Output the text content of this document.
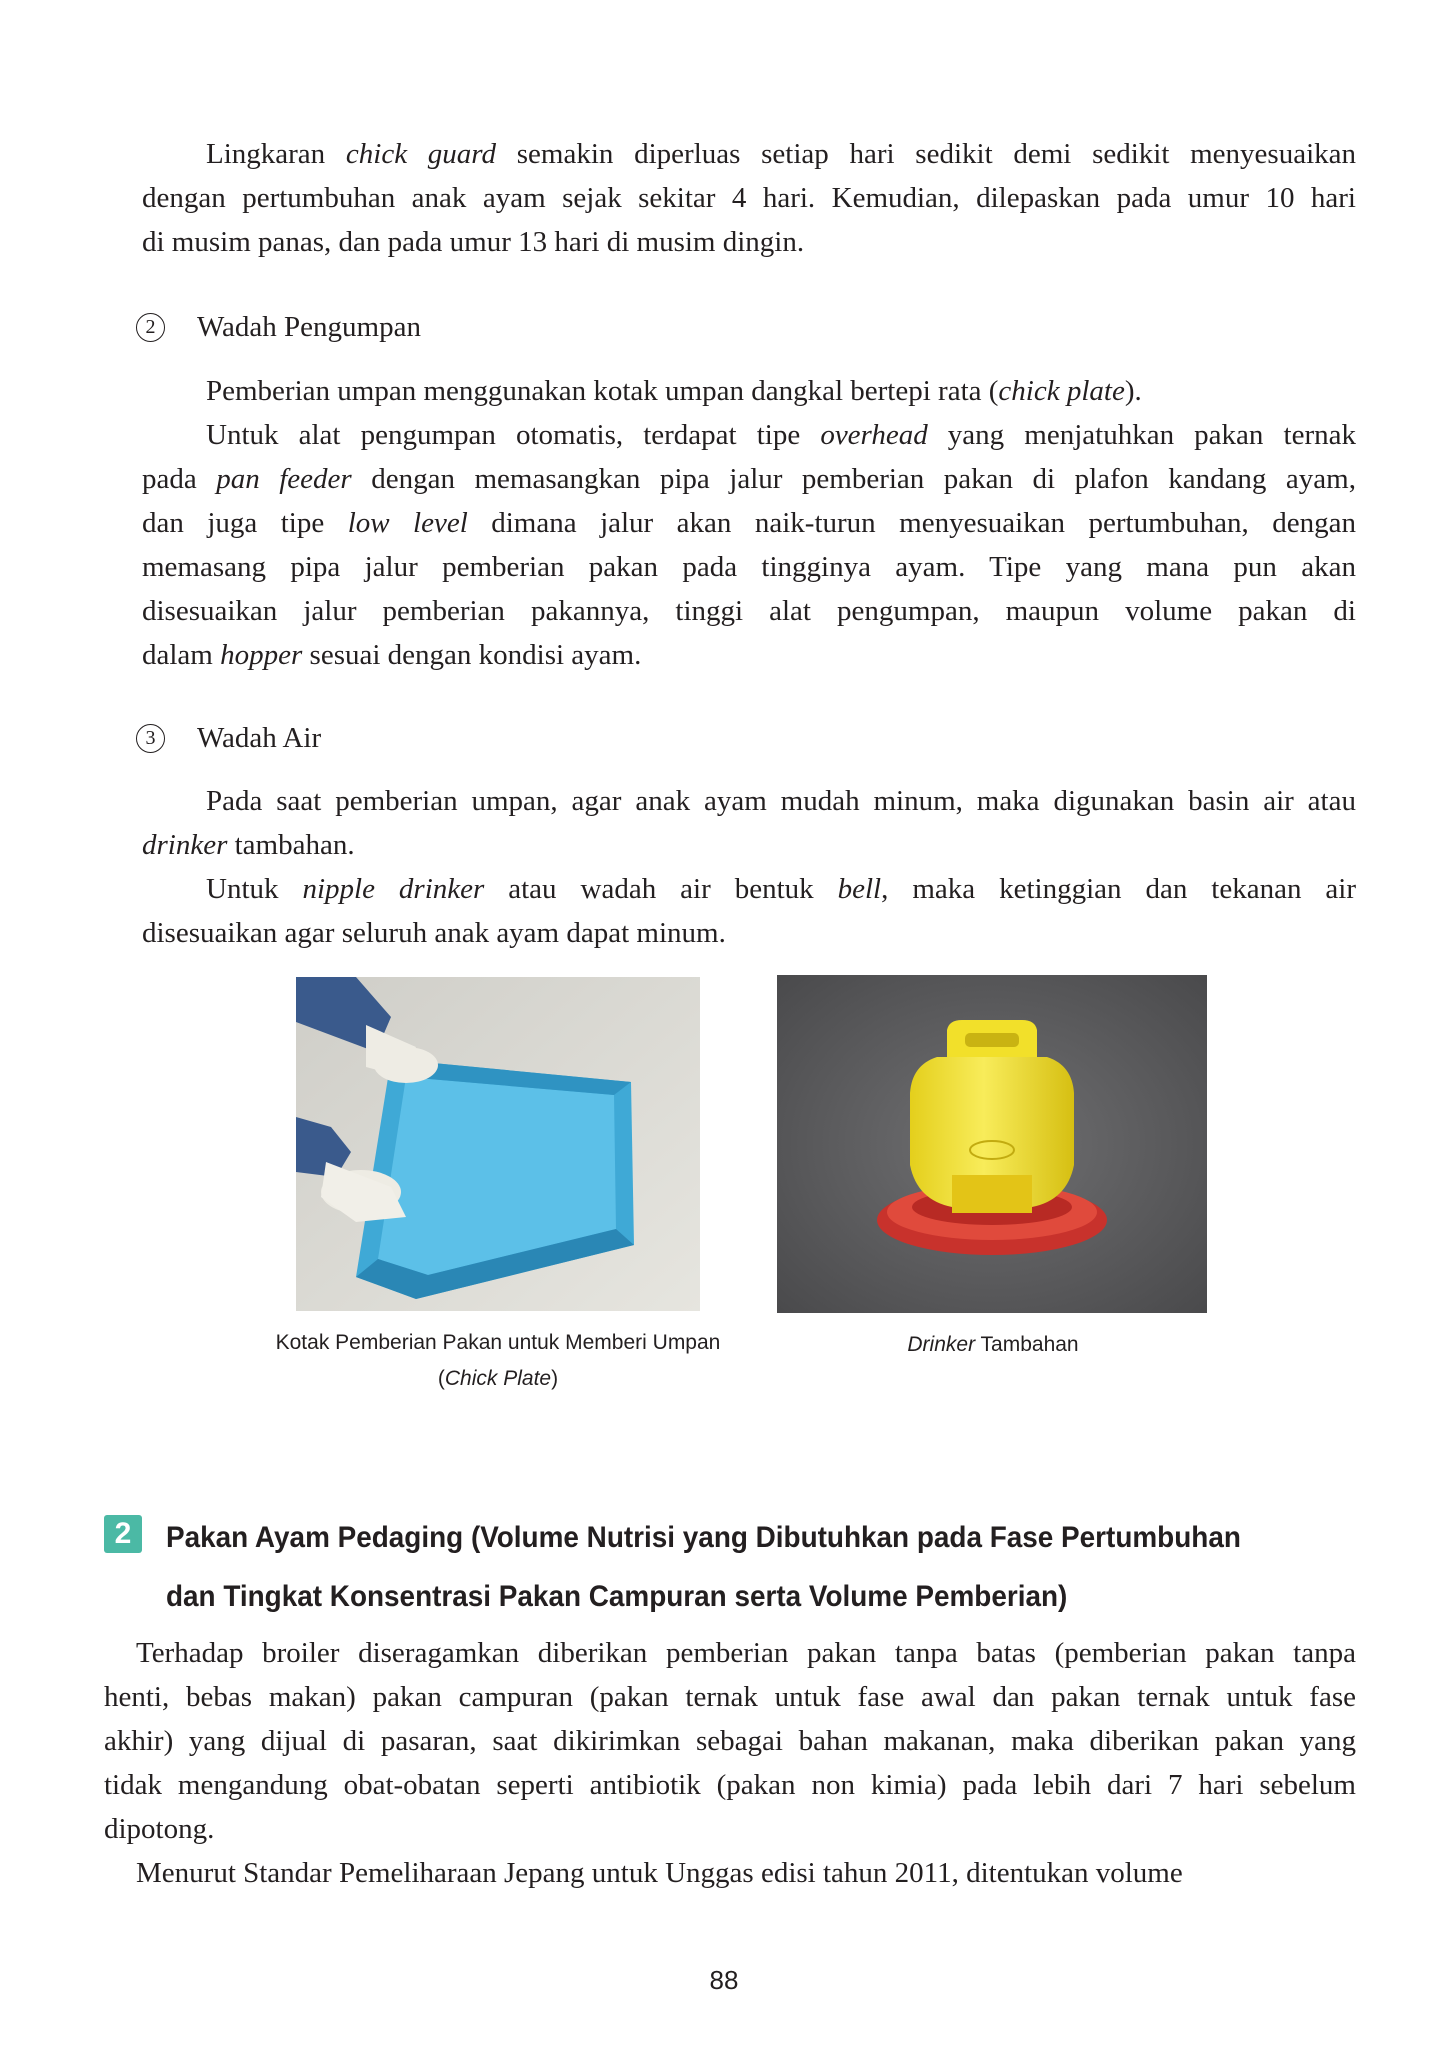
Lingkaran chick guard semakin diperluas setiap hari sedikit demi sedikit menyesuaikan
dengan pertumbuhan anak ayam sejak sekitar 4 hari. Kemudian, dilepaskan pada umur 10 hari
di musim panas, dan pada umur 13 hari di musim dingin.
2	Wadah Pengumpan
Pemberian umpan menggunakan kotak umpan dangkal bertepi rata (chick plate).
Untuk alat pengumpan otomatis, terdapat tipe overhead yang menjatuhkan pakan ternak
pada pan feeder dengan memasangkan pipa jalur pemberian pakan di plafon kandang ayam,
dan juga tipe low level dimana jalur akan naik-turun menyesuaikan pertumbuhan, dengan
memasang pipa jalur pemberian pakan pada tingginya ayam. Tipe yang mana pun akan
disesuaikan jalur pemberian pakannya, tinggi alat pengumpan, maupun volume pakan di
dalam hopper sesuai dengan kondisi ayam.
3	Wadah Air
Pada saat pemberian umpan, agar anak ayam mudah minum, maka digunakan basin air atau
drinker tambahan.
Untuk nipple drinker atau wadah air bentuk bell, maka ketinggian dan tekanan air
disesuaikan agar seluruh anak ayam dapat minum.
Kotak Pemberian Pakan untuk Memberi Umpan
(Chick Plate)
Drinker Tambahan
2	Pakan Ayam Pedaging (Volume Nutrisi yang Dibutuhkan pada Fase Pertumbuhan
dan Tingkat Konsentrasi Pakan Campuran serta Volume Pemberian)
Terhadap broiler diseragamkan diberikan pemberian pakan tanpa batas (pemberian pakan tanpa
henti, bebas makan) pakan campuran (pakan ternak untuk fase awal dan pakan ternak untuk fase
akhir) yang dijual di pasaran, saat dikirimkan sebagai bahan makanan, maka diberikan pakan yang
tidak mengandung obat-obatan seperti antibiotik (pakan non kimia) pada lebih dari 7 hari sebelum
dipotong.
Menurut Standar Pemeliharaan Jepang untuk Unggas edisi tahun 2011, ditentukan volume
88
